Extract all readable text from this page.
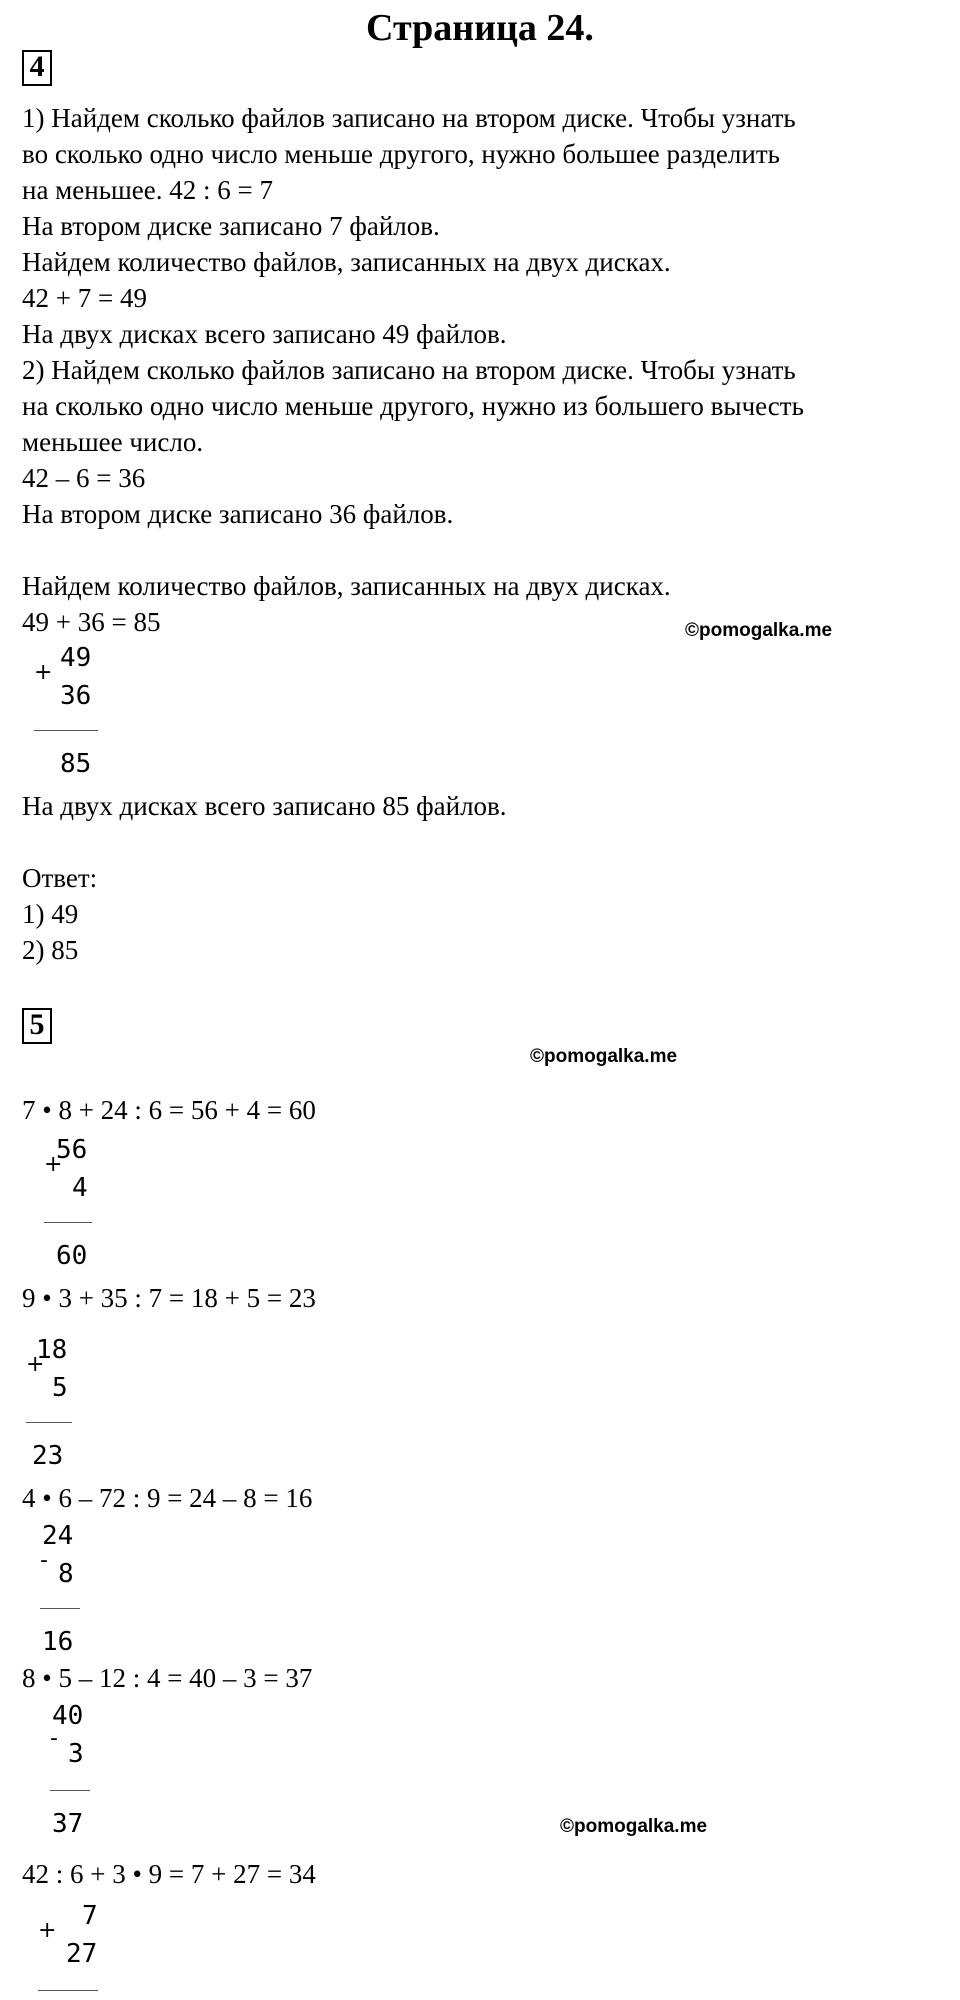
Страница 24.
4
1) Найдем сколько файлов записано на втором диске. Чтобы узнать
во сколько одно число меньше другого, нужно большее разделить
на меньшее. 42 : 6 = 7
На втором диске записано 7 файлов.
Найдем количество файлов, записанных на двух дисках.
42 + 7 = 49
На двух дисках всего записано 49 файлов.
2) Найдем сколько файлов записано на втором диске. Чтобы узнать
на сколько одно число меньше другого, нужно из большего вычесть
меньшее число.
42 – 6 = 36
На втором диске записано 36 файлов.
Найдем количество файлов, записанных на двух дисках.
49 + 36 = 85	©pomogalka.me
+ 49
36
85
На двух дисках всего записано 85 файлов.
Ответ:
1) 49
2) 85
5
©pomogalka.me
7 • 8 + 24 : 6 = 56 + 4 = 60
+
56
4
60
9 • 3 + 35 : 7 = 18 + 5 = 23
+
18
5
23
4 • 6 – 72 : 9 = 24 – 8 = 16
-
24
8
16
8 • 5 – 12 : 4 = 40 – 3 = 37
-
40
3
37	©pomogalka.me
42 : 6 + 3 • 9 = 7 + 27 = 34
+ 7
27
